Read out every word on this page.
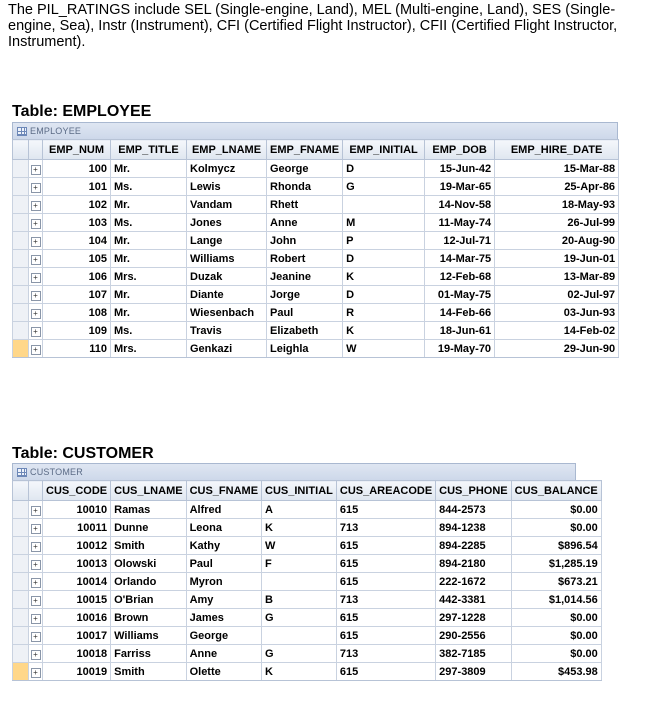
The PIL_RATINGS include SEL (Single-engine, Land), MEL (Multi-engine, Land), SES (Single-engine, Sea), Instr (Instrument), CFI (Certified Flight Instructor), CFII (Certified Flight Instructor, Instrument).

Table: EMPLOYEE
EMPLOYEE
		EMP_NUM	EMP_TITLE	EMP_LNAME	EMP_FNAME	EMP_INITIAL	EMP_DOB	EMP_HIRE_DATE
	+	100	Mr.	Kolmycz	George	D	15-Jun-42	15-Mar-88
	+	101	Ms.	Lewis	Rhonda	G	19-Mar-65	25-Apr-86
	+	102	Mr.	Vandam	Rhett		14-Nov-58	18-May-93
	+	103	Ms.	Jones	Anne	M	11-May-74	26-Jul-99
	+	104	Mr.	Lange	John	P	12-Jul-71	20-Aug-90
	+	105	Mr.	Williams	Robert	D	14-Mar-75	19-Jun-01
	+	106	Mrs.	Duzak	Jeanine	K	12-Feb-68	13-Mar-89
	+	107	Mr.	Diante	Jorge	D	01-May-75	02-Jul-97
	+	108	Mr.	Wiesenbach	Paul	R	14-Feb-66	03-Jun-93
	+	109	Ms.	Travis	Elizabeth	K	18-Jun-61	14-Feb-02
	+	110	Mrs.	Genkazi	Leighla	W	19-May-70	29-Jun-90
Table: CUSTOMER
CUSTOMER
		CUS_CODE	CUS_LNAME	CUS_FNAME	CUS_INITIAL	CUS_AREACODE	CUS_PHONE	CUS_BALANCE
	+	10010	Ramas	Alfred	A	615	844-2573	$0.00
	+	10011	Dunne	Leona	K	713	894-1238	$0.00
	+	10012	Smith	Kathy	W	615	894-2285	$896.54
	+	10013	Olowski	Paul	F	615	894-2180	$1,285.19
	+	10014	Orlando	Myron		615	222-1672	$673.21
	+	10015	O'Brian	Amy	B	713	442-3381	$1,014.56
	+	10016	Brown	James	G	615	297-1228	$0.00
	+	10017	Williams	George		615	290-2556	$0.00
	+	10018	Farriss	Anne	G	713	382-7185	$0.00
	+	10019	Smith	Olette	K	615	297-3809	$453.98
